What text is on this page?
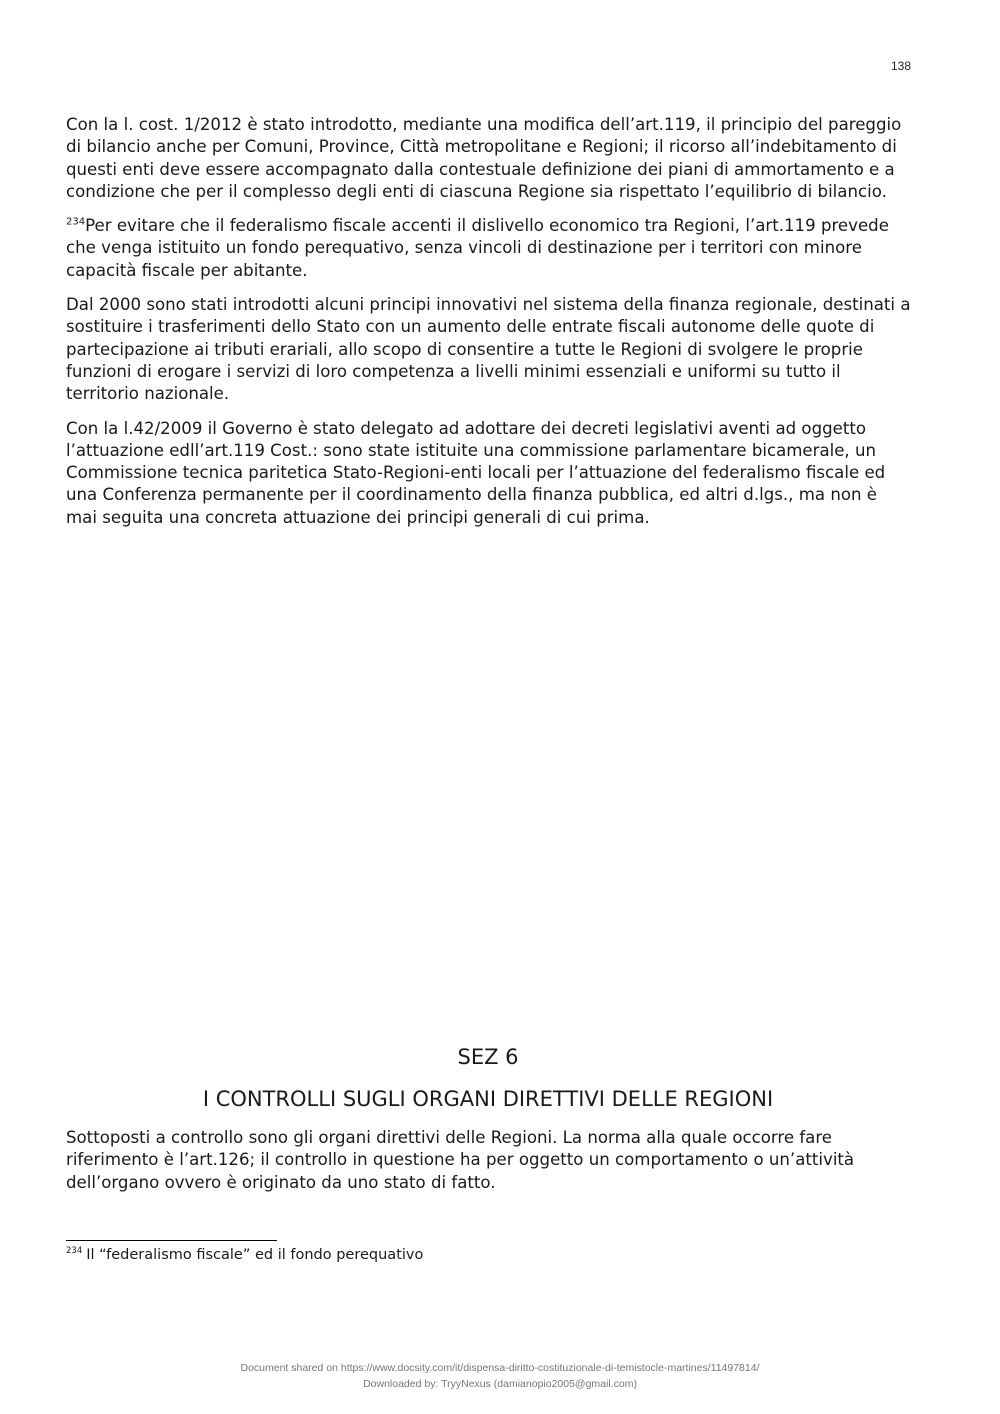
138

Con la l. cost. 1/2012 è stato introdotto, mediante una modifica dell’art.119, il principio del pareggio di bilancio anche per Comuni, Province, Città metropolitane e Regioni; il ricorso all’indebitamento di questi enti deve essere accompagnato dalla contestuale definizione dei piani di ammortamento e a condizione che per il complesso degli enti di ciascuna Regione sia rispettato l’equilibrio di bilancio.

$^{234}$Per evitare che il federalismo fiscale accenti il dislivello economico tra Regioni, l’art.119 prevede che venga istituito un fondo perequativo, senza vincoli di destinazione per i territori con minore capacità fiscale per abitante.

Dal 2000 sono stati introdotti alcuni principi innovativi nel sistema della finanza regionale, destinati a sostituire i trasferimenti dello Stato con un aumento delle entrate fiscali autonome delle quote di partecipazione ai tributi erariali, allo scopo di consentire a tutte le Regioni di svolgere le proprie funzioni di erogare i servizi di loro competenza a livelli minimi essenziali e uniformi su tutto il territorio nazionale.

Con la l.42/2009 il Governo è stato delegato ad adottare dei decreti legislativi aventi ad oggetto l’attuazione edll’art.119 Cost.: sono state istituite una commissione parlamentare bicamerale, un Commissione tecnica paritetica Stato-Regioni-enti locali per l’attuazione del federalismo fiscale ed una Conferenza permanente per il coordinamento della finanza pubblica, ed altri d.lgs., ma non è mai seguita una concreta attuazione dei principi generali di cui prima.

SEZ 6
I CONTROLLI SUGLI ORGANI DIRETTIVI DELLE REGIONI

Sottoposti a controllo sono gli organi direttivi delle Regioni. La norma alla quale occorre fare riferimento è l’art.126; il controllo in questione ha per oggetto un comportamento o un’attività dell’organo ovvero è originato da uno stato di fatto.

$^{234}$ Il “federalismo fiscale” ed il fondo perequativo
Document shared on https://www.docsity.com/it/dispensa-diritto-costituzionale-di-temistocle-martines/11497814/
Downloaded by: TryyNexus (damianopio2005@gmail.com)
